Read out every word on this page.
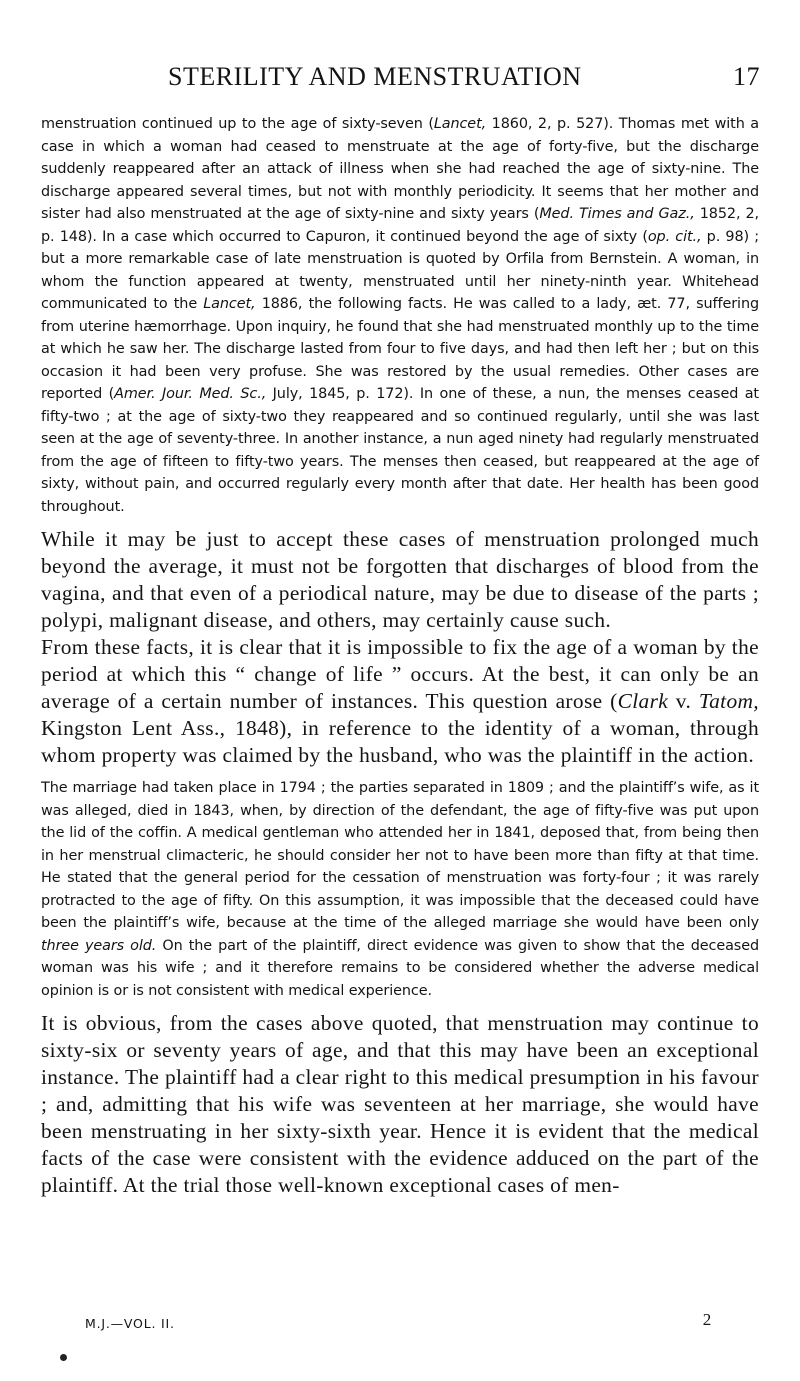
STERILITY AND MENSTRUATION	17

menstruation continued up to the age of sixty-seven (Lancet, 1860, 2, p. 527). Thomas met with a case in which a woman had ceased to menstruate at the age of forty-five, but the discharge suddenly reappeared after an attack of illness when she had reached the age of sixty-nine. The discharge appeared several times, but not with monthly periodicity. It seems that her mother and sister had also menstruated at the age of sixty-nine and sixty years (Med. Times and Gaz., 1852, 2, p. 148). In a case which occurred to Capuron, it continued beyond the age of sixty (op. cit., p. 98) ; but a more remarkable case of late menstruation is quoted by Orfila from Bernstein. A woman, in whom the function appeared at twenty, menstruated until her ninety-ninth year. Whitehead communicated to the Lancet, 1886, the following facts. He was called to a lady, æt. 77, suffering from uterine hæmorrhage. Upon inquiry, he found that she had menstruated monthly up to the time at which he saw her. The discharge lasted from four to five days, and had then left her ; but on this occasion it had been very profuse. She was restored by the usual remedies. Other cases are reported (Amer. Jour. Med. Sc., July, 1845, p. 172). In one of these, a nun, the menses ceased at fifty-two ; at the age of sixty-two they reappeared and so continued regularly, until she was last seen at the age of seventy-three. In another instance, a nun aged ninety had regularly menstruated from the age of fifteen to fifty-two years. The menses then ceased, but reappeared at the age of sixty, without pain, and occurred regularly every month after that date. Her health has been good throughout.

While it may be just to accept these cases of menstruation prolonged much beyond the average, it must not be forgotten that discharges of blood from the vagina, and that even of a periodical nature, may be due to disease of the parts ; polypi, malignant disease, and others, may certainly cause such.

From these facts, it is clear that it is impossible to fix the age of a woman by the period at which this “ change of life ” occurs. At the best, it can only be an average of a certain number of instances. This question arose (Clark v. Tatom, Kingston Lent Ass., 1848), in reference to the identity of a woman, through whom property was claimed by the husband, who was the plaintiff in the action.

The marriage had taken place in 1794 ; the parties separated in 1809 ; and the plaintiff’s wife, as it was alleged, died in 1843, when, by direction of the defendant, the age of fifty-five was put upon the lid of the coffin. A medical gentleman who attended her in 1841, deposed that, from being then in her menstrual climacteric, he should consider her not to have been more than fifty at that time. He stated that the general period for the cessation of menstruation was forty-four ; it was rarely protracted to the age of fifty. On this assumption, it was impossible that the deceased could have been the plaintiff’s wife, because at the time of the alleged marriage she would have been only three years old. On the part of the plaintiff, direct evidence was given to show that the deceased woman was his wife ; and it therefore remains to be considered whether the adverse medical opinion is or is not consistent with medical experience.

It is obvious, from the cases above quoted, that menstruation may continue to sixty-six or seventy years of age, and that this may have been an exceptional instance. The plaintiff had a clear right to this medical presumption in his favour ; and, admitting that his wife was seventeen at her marriage, she would have been menstruating in her sixty-sixth year. Hence it is evident that the medical facts of the case were consistent with the evidence adduced on the part of the plaintiff. At the trial those well-known exceptional cases of men-

M.J.—VOL. II.	2
